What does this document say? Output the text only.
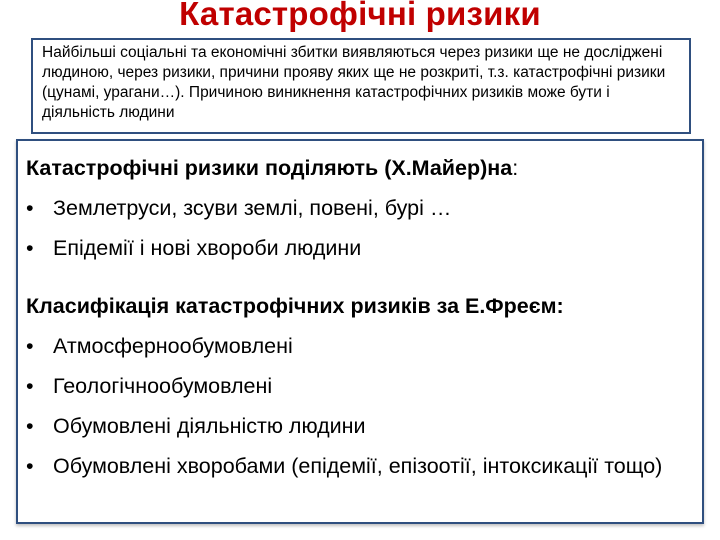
Катастрофічні ризики
Найбільші соціальні та економічні збитки виявляються через ризики ще не досліджені людиною, через ризики, причини прояву яких ще не розкриті, т.з. катастрофічні ризики (цунамі, урагани…). Причиною виникнення катастрофічних ризиків може бути і діяльність людини
Катастрофічні ризики поділяють (Х.Майер)на:
• Землетруси, зсуви землі, повені, бурі …
• Епідемії і нові хвороби людини
Класифікація катастрофічних ризиків за Е.Фреєм:
• Атмосфернообумовлені
• Геологічнообумовлені
• Обумовлені діяльністю людини
• Обумовлені хворобами (епідемії, епізоотії, інтоксикації тощо)
